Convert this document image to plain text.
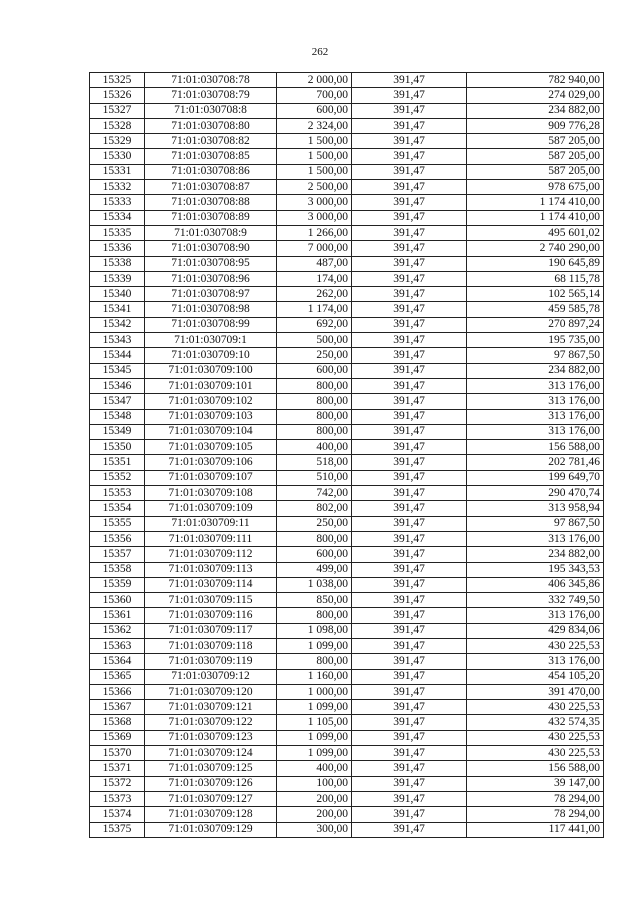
262
15325	71:01:030708:78	2 000,00	391,47	782 940,00
15326	71:01:030708:79	700,00	391,47	274 029,00
15327	71:01:030708:8	600,00	391,47	234 882,00
15328	71:01:030708:80	2 324,00	391,47	909 776,28
15329	71:01:030708:82	1 500,00	391,47	587 205,00
15330	71:01:030708:85	1 500,00	391,47	587 205,00
15331	71:01:030708:86	1 500,00	391,47	587 205,00
15332	71:01:030708:87	2 500,00	391,47	978 675,00
15333	71:01:030708:88	3 000,00	391,47	1 174 410,00
15334	71:01:030708:89	3 000,00	391,47	1 174 410,00
15335	71:01:030708:9	1 266,00	391,47	495 601,02
15336	71:01:030708:90	7 000,00	391,47	2 740 290,00
15338	71:01:030708:95	487,00	391,47	190 645,89
15339	71:01:030708:96	174,00	391,47	68 115,78
15340	71:01:030708:97	262,00	391,47	102 565,14
15341	71:01:030708:98	1 174,00	391,47	459 585,78
15342	71:01:030708:99	692,00	391,47	270 897,24
15343	71:01:030709:1	500,00	391,47	195 735,00
15344	71:01:030709:10	250,00	391,47	97 867,50
15345	71:01:030709:100	600,00	391,47	234 882,00
15346	71:01:030709:101	800,00	391,47	313 176,00
15347	71:01:030709:102	800,00	391,47	313 176,00
15348	71:01:030709:103	800,00	391,47	313 176,00
15349	71:01:030709:104	800,00	391,47	313 176,00
15350	71:01:030709:105	400,00	391,47	156 588,00
15351	71:01:030709:106	518,00	391,47	202 781,46
15352	71:01:030709:107	510,00	391,47	199 649,70
15353	71:01:030709:108	742,00	391,47	290 470,74
15354	71:01:030709:109	802,00	391,47	313 958,94
15355	71:01:030709:11	250,00	391,47	97 867,50
15356	71:01:030709:111	800,00	391,47	313 176,00
15357	71:01:030709:112	600,00	391,47	234 882,00
15358	71:01:030709:113	499,00	391,47	195 343,53
15359	71:01:030709:114	1 038,00	391,47	406 345,86
15360	71:01:030709:115	850,00	391,47	332 749,50
15361	71:01:030709:116	800,00	391,47	313 176,00
15362	71:01:030709:117	1 098,00	391,47	429 834,06
15363	71:01:030709:118	1 099,00	391,47	430 225,53
15364	71:01:030709:119	800,00	391,47	313 176,00
15365	71:01:030709:12	1 160,00	391,47	454 105,20
15366	71:01:030709:120	1 000,00	391,47	391 470,00
15367	71:01:030709:121	1 099,00	391,47	430 225,53
15368	71:01:030709:122	1 105,00	391,47	432 574,35
15369	71:01:030709:123	1 099,00	391,47	430 225,53
15370	71:01:030709:124	1 099,00	391,47	430 225,53
15371	71:01:030709:125	400,00	391,47	156 588,00
15372	71:01:030709:126	100,00	391,47	39 147,00
15373	71:01:030709:127	200,00	391,47	78 294,00
15374	71:01:030709:128	200,00	391,47	78 294,00
15375	71:01:030709:129	300,00	391,47	117 441,00
